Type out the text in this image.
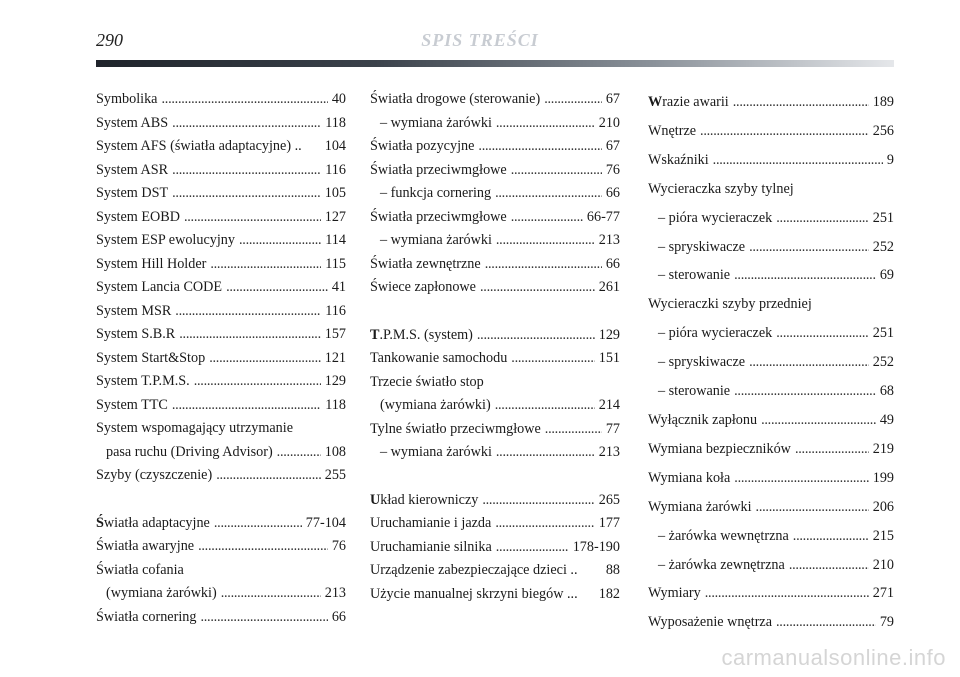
290	SPIS TREŚCI
Symbolika . . .	40
System ABS . . .	118
System AFS (światła adaptacyjne) .. 104
System ASR . . .	116
System DST . . .	105
System EOBD . . .	127
System ESP ewolucyjny . . .	114
System Hill Holder . . .	115
System Lancia CODE . . .	41
System MSR . . .	116
System S.B.R . . .	157
System Start&Stop . . .	121
System T.P.M.S. . . .	129
System TTC . . .	118
System wspomagający utrzymanie
pasa ruchu (Driving Advisor) . . .	108
Szyby (czyszczenie) . . .	255
Światła adaptacyjne . . .	77-104
Światła awaryjne . . .	76
Światła cofania
(wymiana żarówki) . . .	213
Światła cornering . . .	66
Światła drogowe (sterowanie) . . .	67
– wymiana żarówki . . .	210
Światła pozycyjne . . .	67
Światła przeciwmgłowe . . .	76
– funkcja cornering . . .	66
Światła przeciwmgłowe . . .	66-77
– wymiana żarówki . . .	213
Światła zewnętrzne . . .	66
Świece zapłonowe . . .	261
T.P.M.S. (system) . . .	129
Tankowanie samochodu . . .	151
Trzecie światło stop
(wymiana żarówki) . . .	214
Tylne światło przeciwmgłowe . . .	77
– wymiana żarówki . . .	213
Układ kierowniczy . . .	265
Uruchamianie i jazda . . .	177
Uruchamianie silnika . . .	178-190
Urządzenie zabezpieczające dzieci .. 88
Użycie manualnej skrzyni biegów ... 182
Wrazie awarii . . .	189
Wnętrze . . .	256
Wskaźniki . . .	9
Wycieraczka szyby tylnej
– pióra wycieraczek . . .	251
– spryskiwacze . . .	252
– sterowanie . . .	69
Wycieraczki szyby przedniej
– pióra wycieraczek . . .	251
– spryskiwacze . . .	252
– sterowanie . . .	68
Wyłącznik zapłonu . . .	49
Wymiana bezpieczników . . .	219
Wymiana koła . . .	199
Wymiana żarówki . . .	206
– żarówka wewnętrzna . . .	215
– żarówka zewnętrzna . . .	210
Wymiary . . .	271
Wyposażenie wnętrza . . .	79
carmanualsonline.info
